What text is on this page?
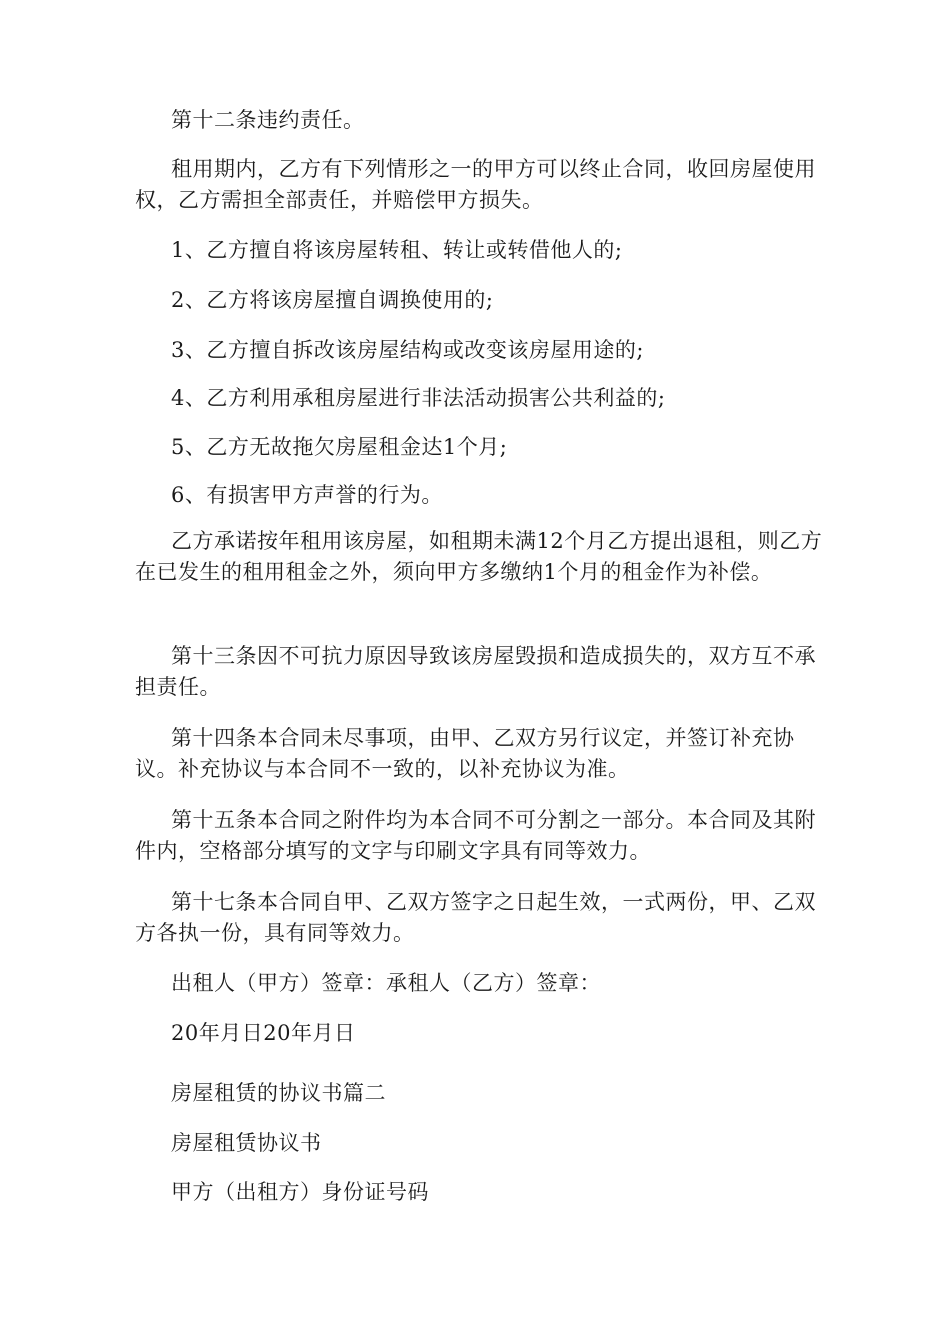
第十二条违约责任。

租用期内，乙方有下列情形之一的甲方可以终止合同，收回房屋使用权，乙方需担全部责任，并赔偿甲方损失。

1、乙方擅自将该房屋转租、转让或转借他人的;

2、乙方将该房屋擅自调换使用的;

3、乙方擅自拆改该房屋结构或改变该房屋用途的;

4、乙方利用承租房屋进行非法活动损害公共利益的;

5、乙方无故拖欠房屋租金达1个月;

6、有损害甲方声誉的行为。

乙方承诺按年租用该房屋，如租期未满12个月乙方提出退租，则乙方在已发生的租用租金之外，须向甲方多缴纳1个月的租金作为补偿。

第十三条因不可抗力原因导致该房屋毁损和造成损失的，双方互不承担责任。

第十四条本合同未尽事项，由甲、乙双方另行议定，并签订补充协议。补充协议与本合同不一致的，以补充协议为准。

第十五条本合同之附件均为本合同不可分割之一部分。本合同及其附件内，空格部分填写的文字与印刷文字具有同等效力。

第十七条本合同自甲、乙双方签字之日起生效，一式两份，甲、乙双方各执一份，具有同等效力。

出租人（甲方）签章：承租人（乙方）签章：

20年月日20年月日

房屋租赁的协议书篇二

房屋租赁协议书

甲方（出租方）身份证号码
